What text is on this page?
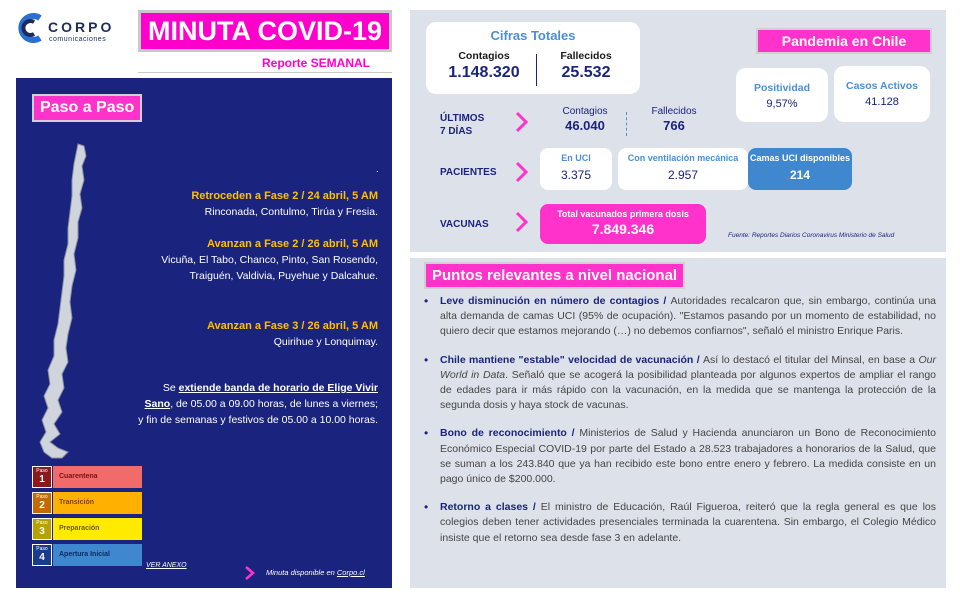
CORPO
comunicaciones	MINUTA COVID-19
Reporte SEMANAL
Paso a Paso
.
Retroceden a Fase 2 / 24 abril, 5 AM
Rinconada, Contulmo, Tirúa y Fresia.
Avanzan a Fase 2 / 26 abril, 5 AM
Vicuña, El Tabo, Chanco, Pinto, San Rosendo, Traiguén, Valdivia, Puyehue y Dalcahue.
Avanzan a Fase 3 / 26 abril, 5 AM
Quirihue y Lonquimay.
Se extiende banda de horario de Elige Vivir Sano, de 05.00 a 09.00 horas, de lunes a viernes; y fin de semanas y festivos de 05.00 a 10.00 horas.
Paso
1	Cuarentena
Paso
2	Transición
Paso
3	Preparación
Paso
4	Apertura Inicial
VER ANEXO
Minuta disponible en Corpo.cl
Cifras Totales
Contagios
1.148.320
Fallecidos
25.532
Pandemia en Chile
Positividad
9,57%
Casos Activos
41.128
ÚLTIMOS
7 DÍAS
Contagios
46.040
Fallecidos
766
PACIENTES
En UCI
3.375
Con ventilación mecánica
2.957
Camas UCI disponibles
214
VACUNAS
Total vacunados primera dosis
7.849.346	Fuente: Reportes Diarios Coronavirus Ministerio de Salud
Puntos relevantes a nivel nacional
• Leve disminución en número de contagios / Autoridades recalcaron que, sin embargo, continúa una alta demanda de camas UCI (95% de ocupación). "Estamos pasando por un momento de estabilidad, no quiero decir que estamos mejorando (…) no debemos confiarnos", señaló el ministro Enrique Paris.
• Chile mantiene "estable" velocidad de vacunación / Así lo destacó el titular del Minsal, en base a Our World in Data. Señaló que se acogerá la posibilidad planteada por algunos expertos de ampliar el rango de edades para ir más rápido con la vacunación, en la medida que se mantenga la protección de la segunda dosis y haya stock de vacunas.
• Bono de reconocimiento / Ministerios de Salud y Hacienda anunciaron un Bono de Reconocimiento Económico Especial COVID-19 por parte del Estado a 28.523 trabajadores a honorarios de la Salud, que se suman a los 243.840 que ya han recibido este bono entre enero y febrero. La medida consiste en un pago único de $200.000.
• Retorno a clases / El ministro de Educación, Raúl Figueroa, reiteró que la regla general es que los colegios deben tener actividades presenciales terminada la cuarentena. Sin embargo, el Colegio Médico insiste que el retorno sea desde fase 3 en adelante.
